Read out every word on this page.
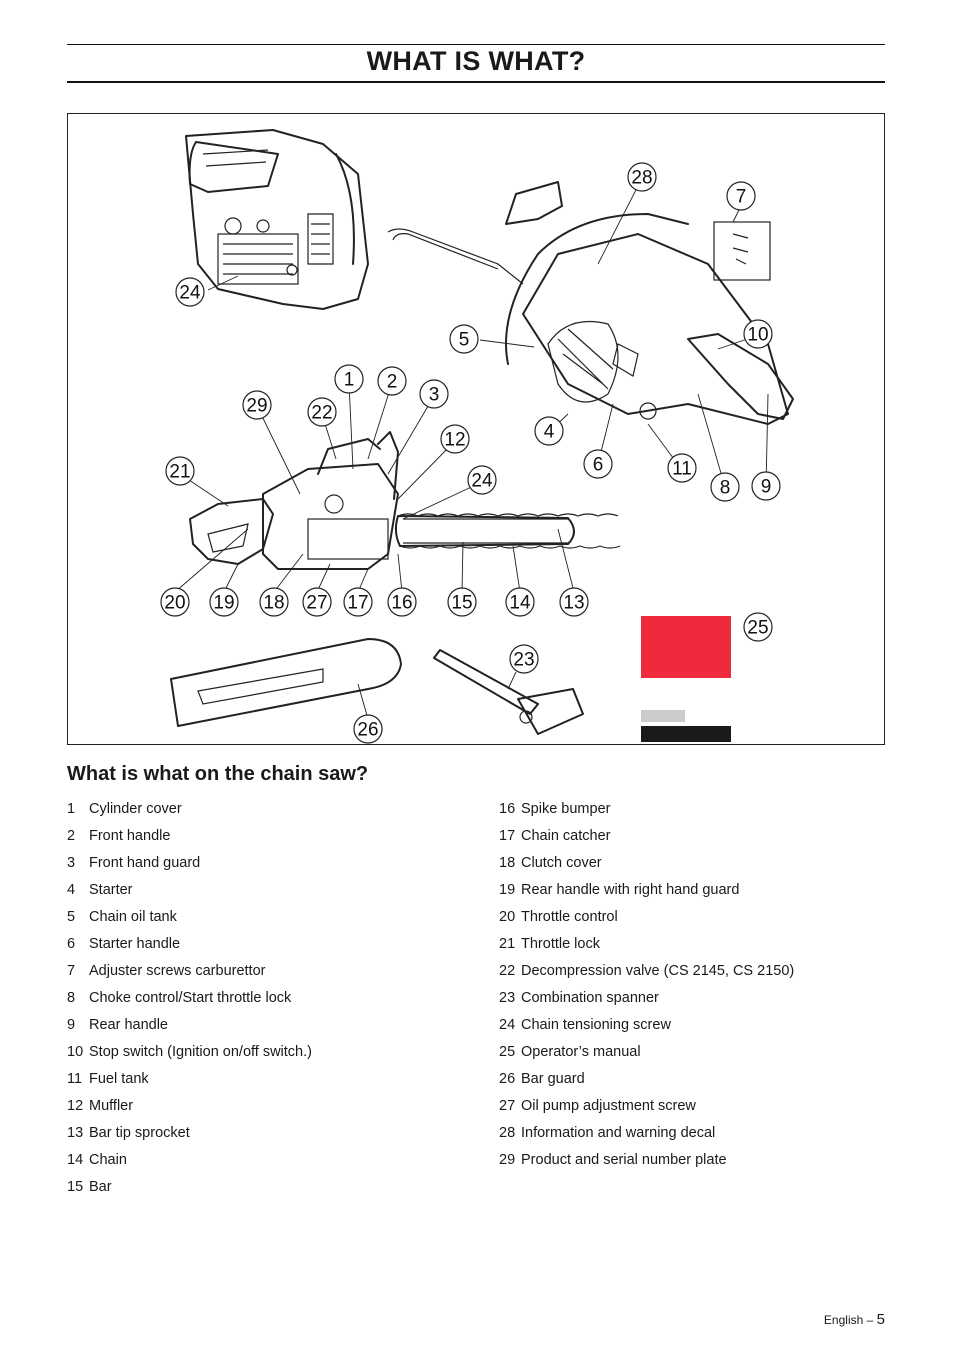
WHAT IS WHAT?
28
7
24
5	10
1 2
3
29 22
12	4
6	11
24	8 9
21
20 19 18 27 17 16 15 14 13
25
23
26
What is what on the chain saw?
1 Cylinder cover
2 Front handle
3 Front hand guard
4 Starter
5 Chain oil tank
6 Starter handle
7 Adjuster screws carburettor
8 Choke control/Start throttle lock
9 Rear handle
10 Stop switch (Ignition on/off switch.)
11 Fuel tank
12 Muffler
13 Bar tip sprocket
14 Chain
15 Bar
16 Spike bumper
17 Chain catcher
18 Clutch cover
19 Rear handle with right hand guard
20 Throttle control
21 Throttle lock
22 Decompression valve (CS 2145, CS 2150)
23 Combination spanner
24 Chain tensioning screw
25 Operator’s manual
26 Bar guard
27 Oil pump adjustment screw
28 Information and warning decal
29 Product and serial number plate
English – 5
